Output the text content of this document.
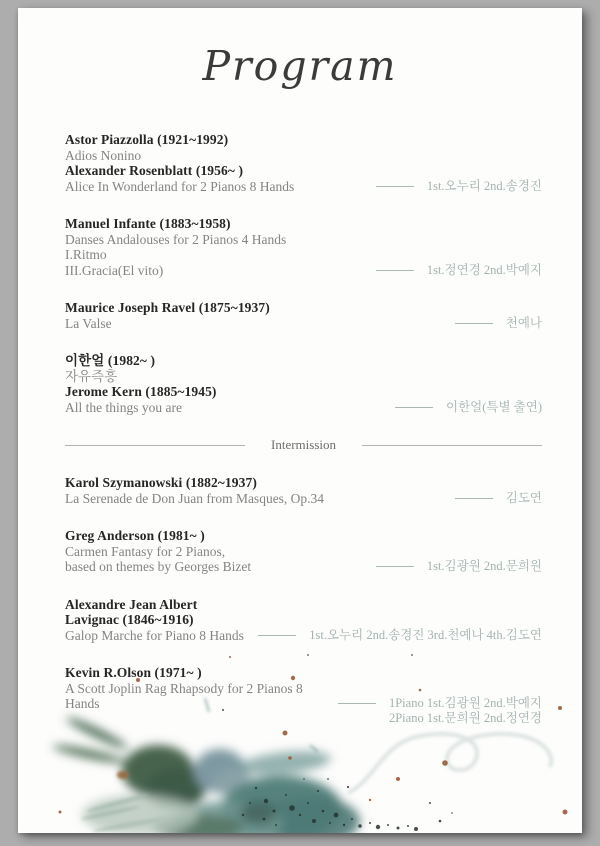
Program
Astor Piazzolla (1921~1992)
Adios Nonino
Alexander Rosenblatt (1956~ )
Alice In Wonderland for 2 Pianos 8 Hands	1st.오누리 2nd.송경진
Manuel Infante (1883~1958)
Danses Andalouses for 2 Pianos 4 Hands
I.Ritmo
III.Gracia(El vito)	1st.정연경 2nd.박예지
Maurice Joseph Ravel (1875~1937)
La Valse	천예나
이한얼 (1982~ )
자유즉흥
Jerome Kern (1885~1945)
All the things you are	이한얼(특별 출연)
Intermission
Karol Szymanowski (1882~1937)
La Serenade de Don Juan from Masques, Op.34	김도연
Greg Anderson (1981~ )
Carmen Fantasy for 2 Pianos,
based on themes by Georges Bizet	1st.김광원 2nd.문희원
Alexandre Jean Albert Lavignac (1846~1916)
Galop Marche for Piano 8 Hands	1st.오누리 2nd.송경진 3rd.천예나 4th.김도연
Kevin R.Olson (1971~ )
A Scott Joplin Rag Rhapsody for 2 Pianos 8 Hands	1Piano 1st.김광원 2nd.박예지
2Piano 1st.문희원 2nd.정연경
